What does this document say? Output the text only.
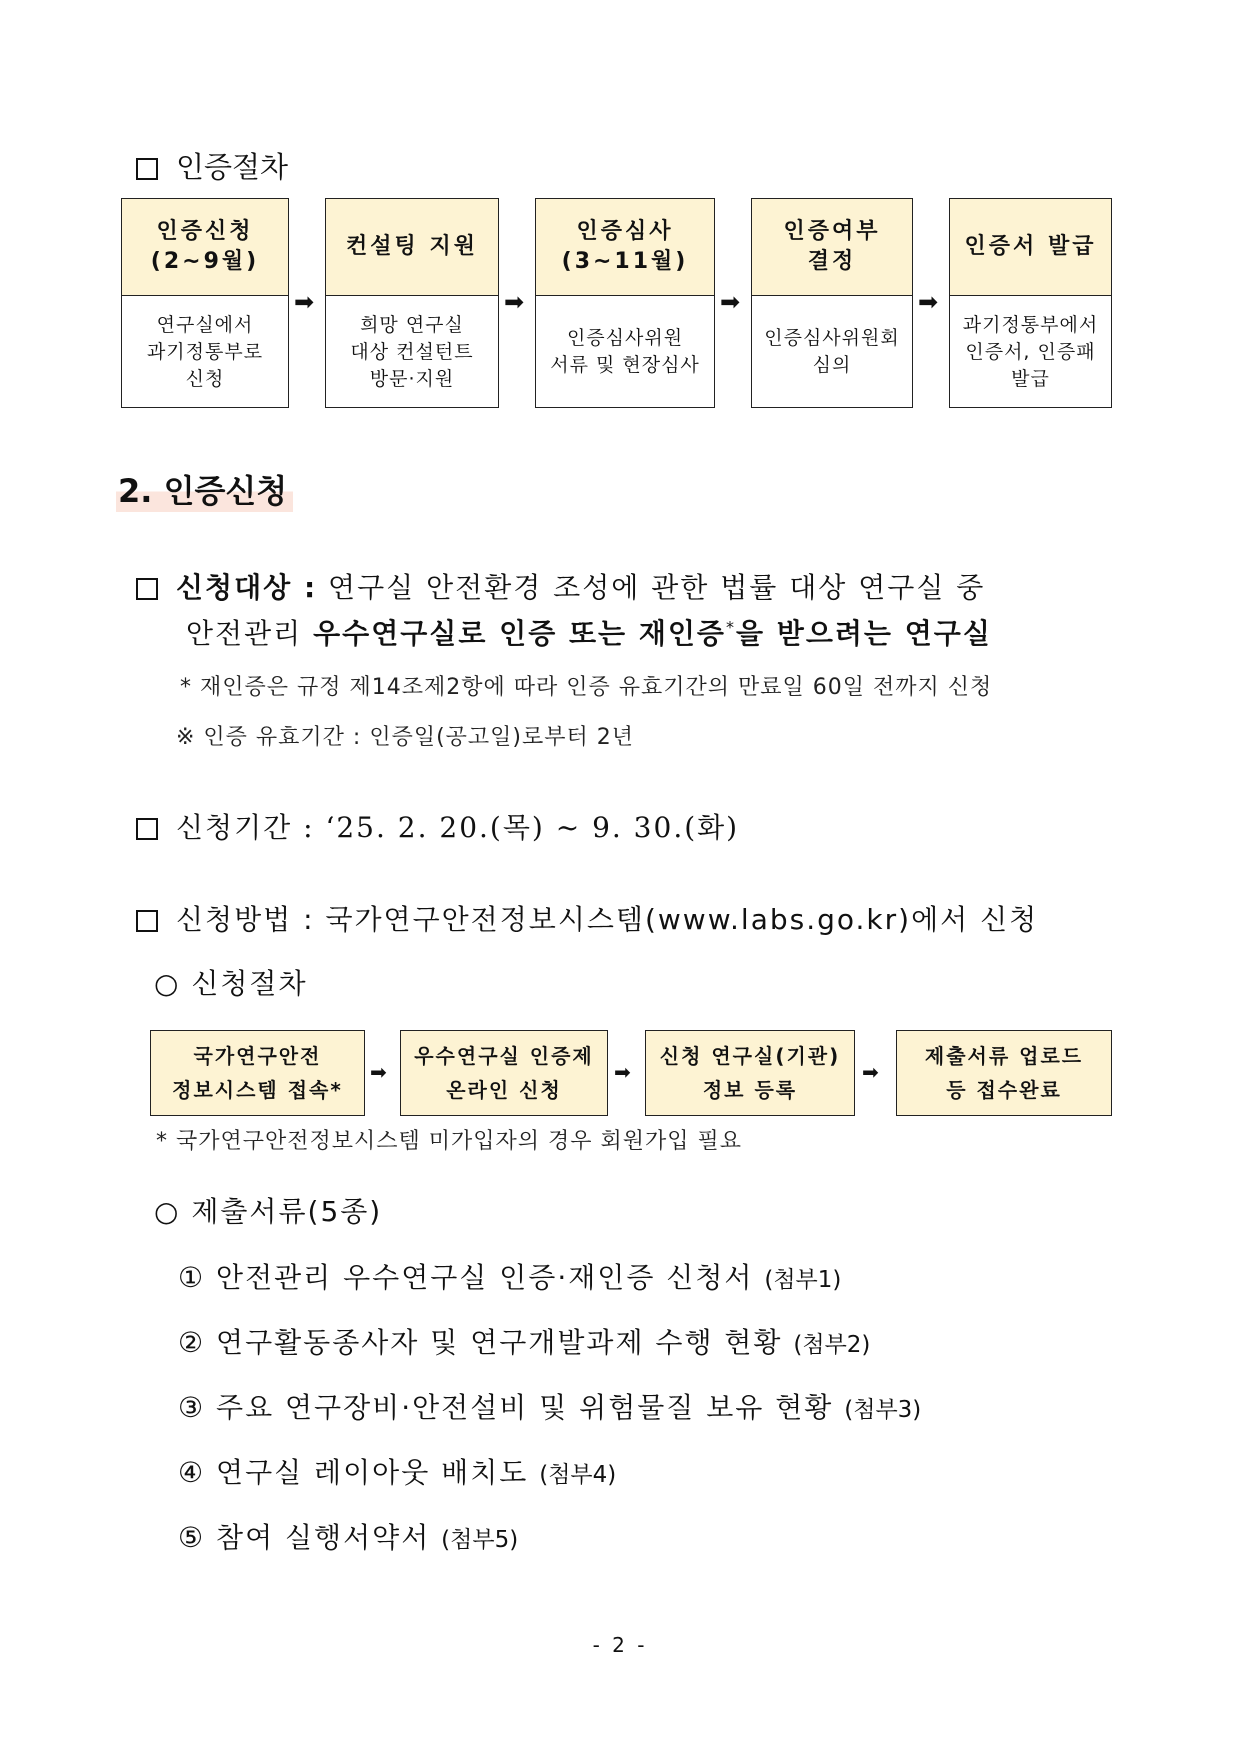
인증절차
인증신청
(2~9월)
연구실에서
과기정통부로
신청
➡
컨설팅 지원
희망 연구실
대상 컨설턴트
방문·지원
➡
인증심사
(3~11월)
인증심사위원
서류 및 현장심사
➡
인증여부
결정
인증심사위원회
심의
➡
인증서 발급
과기정통부에서
인증서, 인증패
발급
2. 인증신청
신청대상 : 연구실 안전환경 조성에 관한 법률 대상 연구실 중
안전관리 우수연구실로 인증 또는 재인증*을 받으려는 연구실
* 재인증은 규정 제14조제2항에 따라 인증 유효기간의 만료일 60일 전까지 신청
※ 인증 유효기간 : 인증일(공고일)로부터 2년
신청기간 : ‘25. 2. 20.(목) ~ 9. 30.(화)
신청방법 : 국가연구안전정보시스템(www.labs.go.kr)에서 신청
○ 신청절차
국가연구안전
정보시스템 접속*
➡
우수연구실 인증제
온라인 신청
➡
신청 연구실(기관)
정보 등록
➡
제출서류 업로드
등 접수완료
* 국가연구안전정보시스템 미가입자의 경우 회원가입 필요
○ 제출서류(5종)
① 안전관리 우수연구실 인증·재인증 신청서 (첨부1)
② 연구활동종사자 및 연구개발과제 수행 현황 (첨부2)
③ 주요 연구장비·안전설비 및 위험물질 보유 현황 (첨부3)
④ 연구실 레이아웃 배치도 (첨부4)
⑤ 참여 실행서약서 (첨부5)
- 2 -
